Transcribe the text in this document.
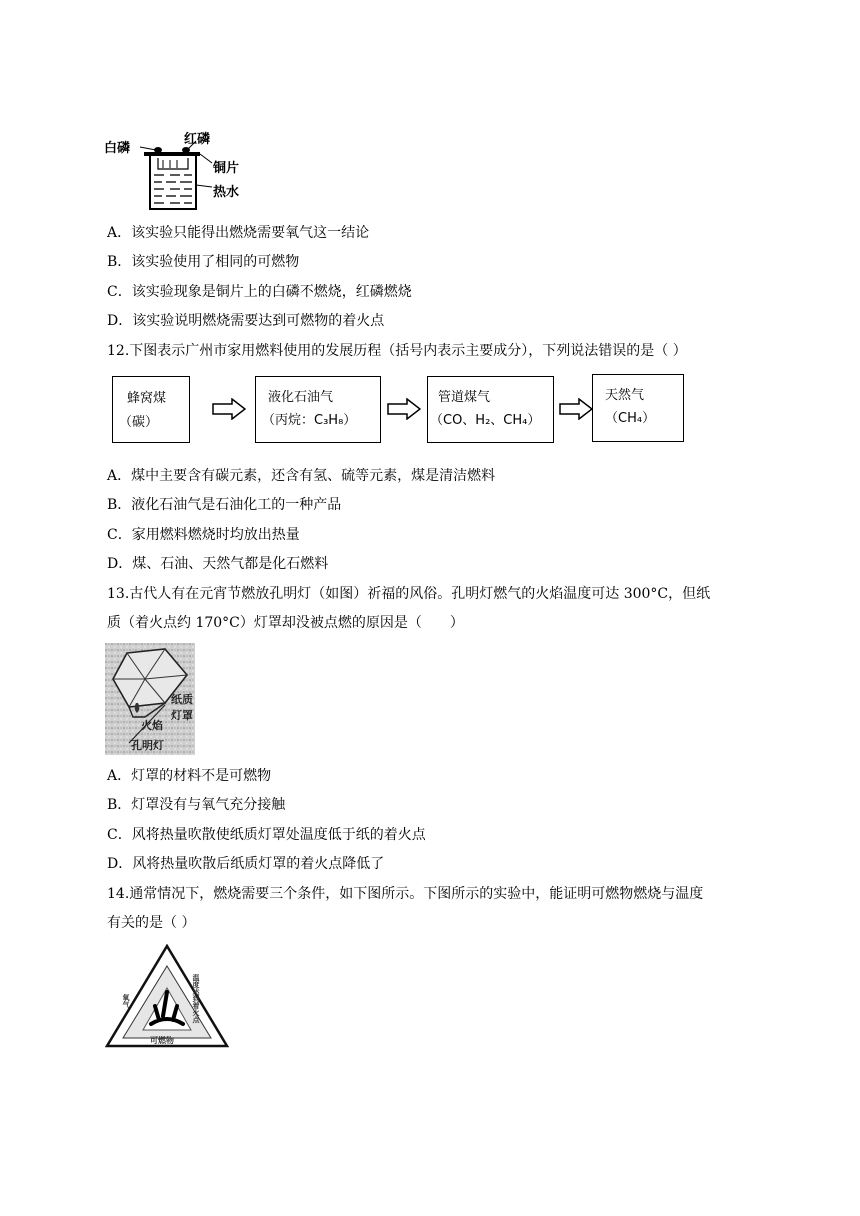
白磷
红磷
铜片
热水
A．该实验只能得出燃烧需要氧气这一结论
B．该实验使用了相同的可燃物
C．该实验现象是铜片上的白磷不燃烧，红磷燃烧
D．该实验说明燃烧需要达到可燃物的着火点
12.下图表示广州市家用燃料使用的发展历程（括号内表示主要成分），下列说法错误的是（ ）
蜂窝煤
（碳）
液化石油气
（丙烷：C₃H₈）
管道煤气
（CO、H₂、CH₄）
天然气
（CH₄）
A．煤中主要含有碳元素，还含有氢、硫等元素，煤是清洁燃料
B．液化石油气是石油化工的一种产品
C．家用燃料燃烧时均放出热量
D．煤、石油、天然气都是化石燃料
13.古代人有在元宵节燃放孔明灯（如图）祈福的风俗。孔明灯燃气的火焰温度可达 300°C，但纸
质（着火点约 170°C）灯罩却没被点燃的原因是（　　）
纸质
灯罩
火焰
孔明灯
A．灯罩的材料不是可燃物
B．灯罩没有与氧气充分接触
C．风将热量吹散使纸质灯罩处温度低于纸的着火点
D．风将热量吹散后纸质灯罩的着火点降低了
14.通常情况下，燃烧需要三个条件，如下图所示。下图所示的实验中，能证明可燃物燃烧与温度
有关的是（ ）
氧气	温度达到着火点
可燃物
